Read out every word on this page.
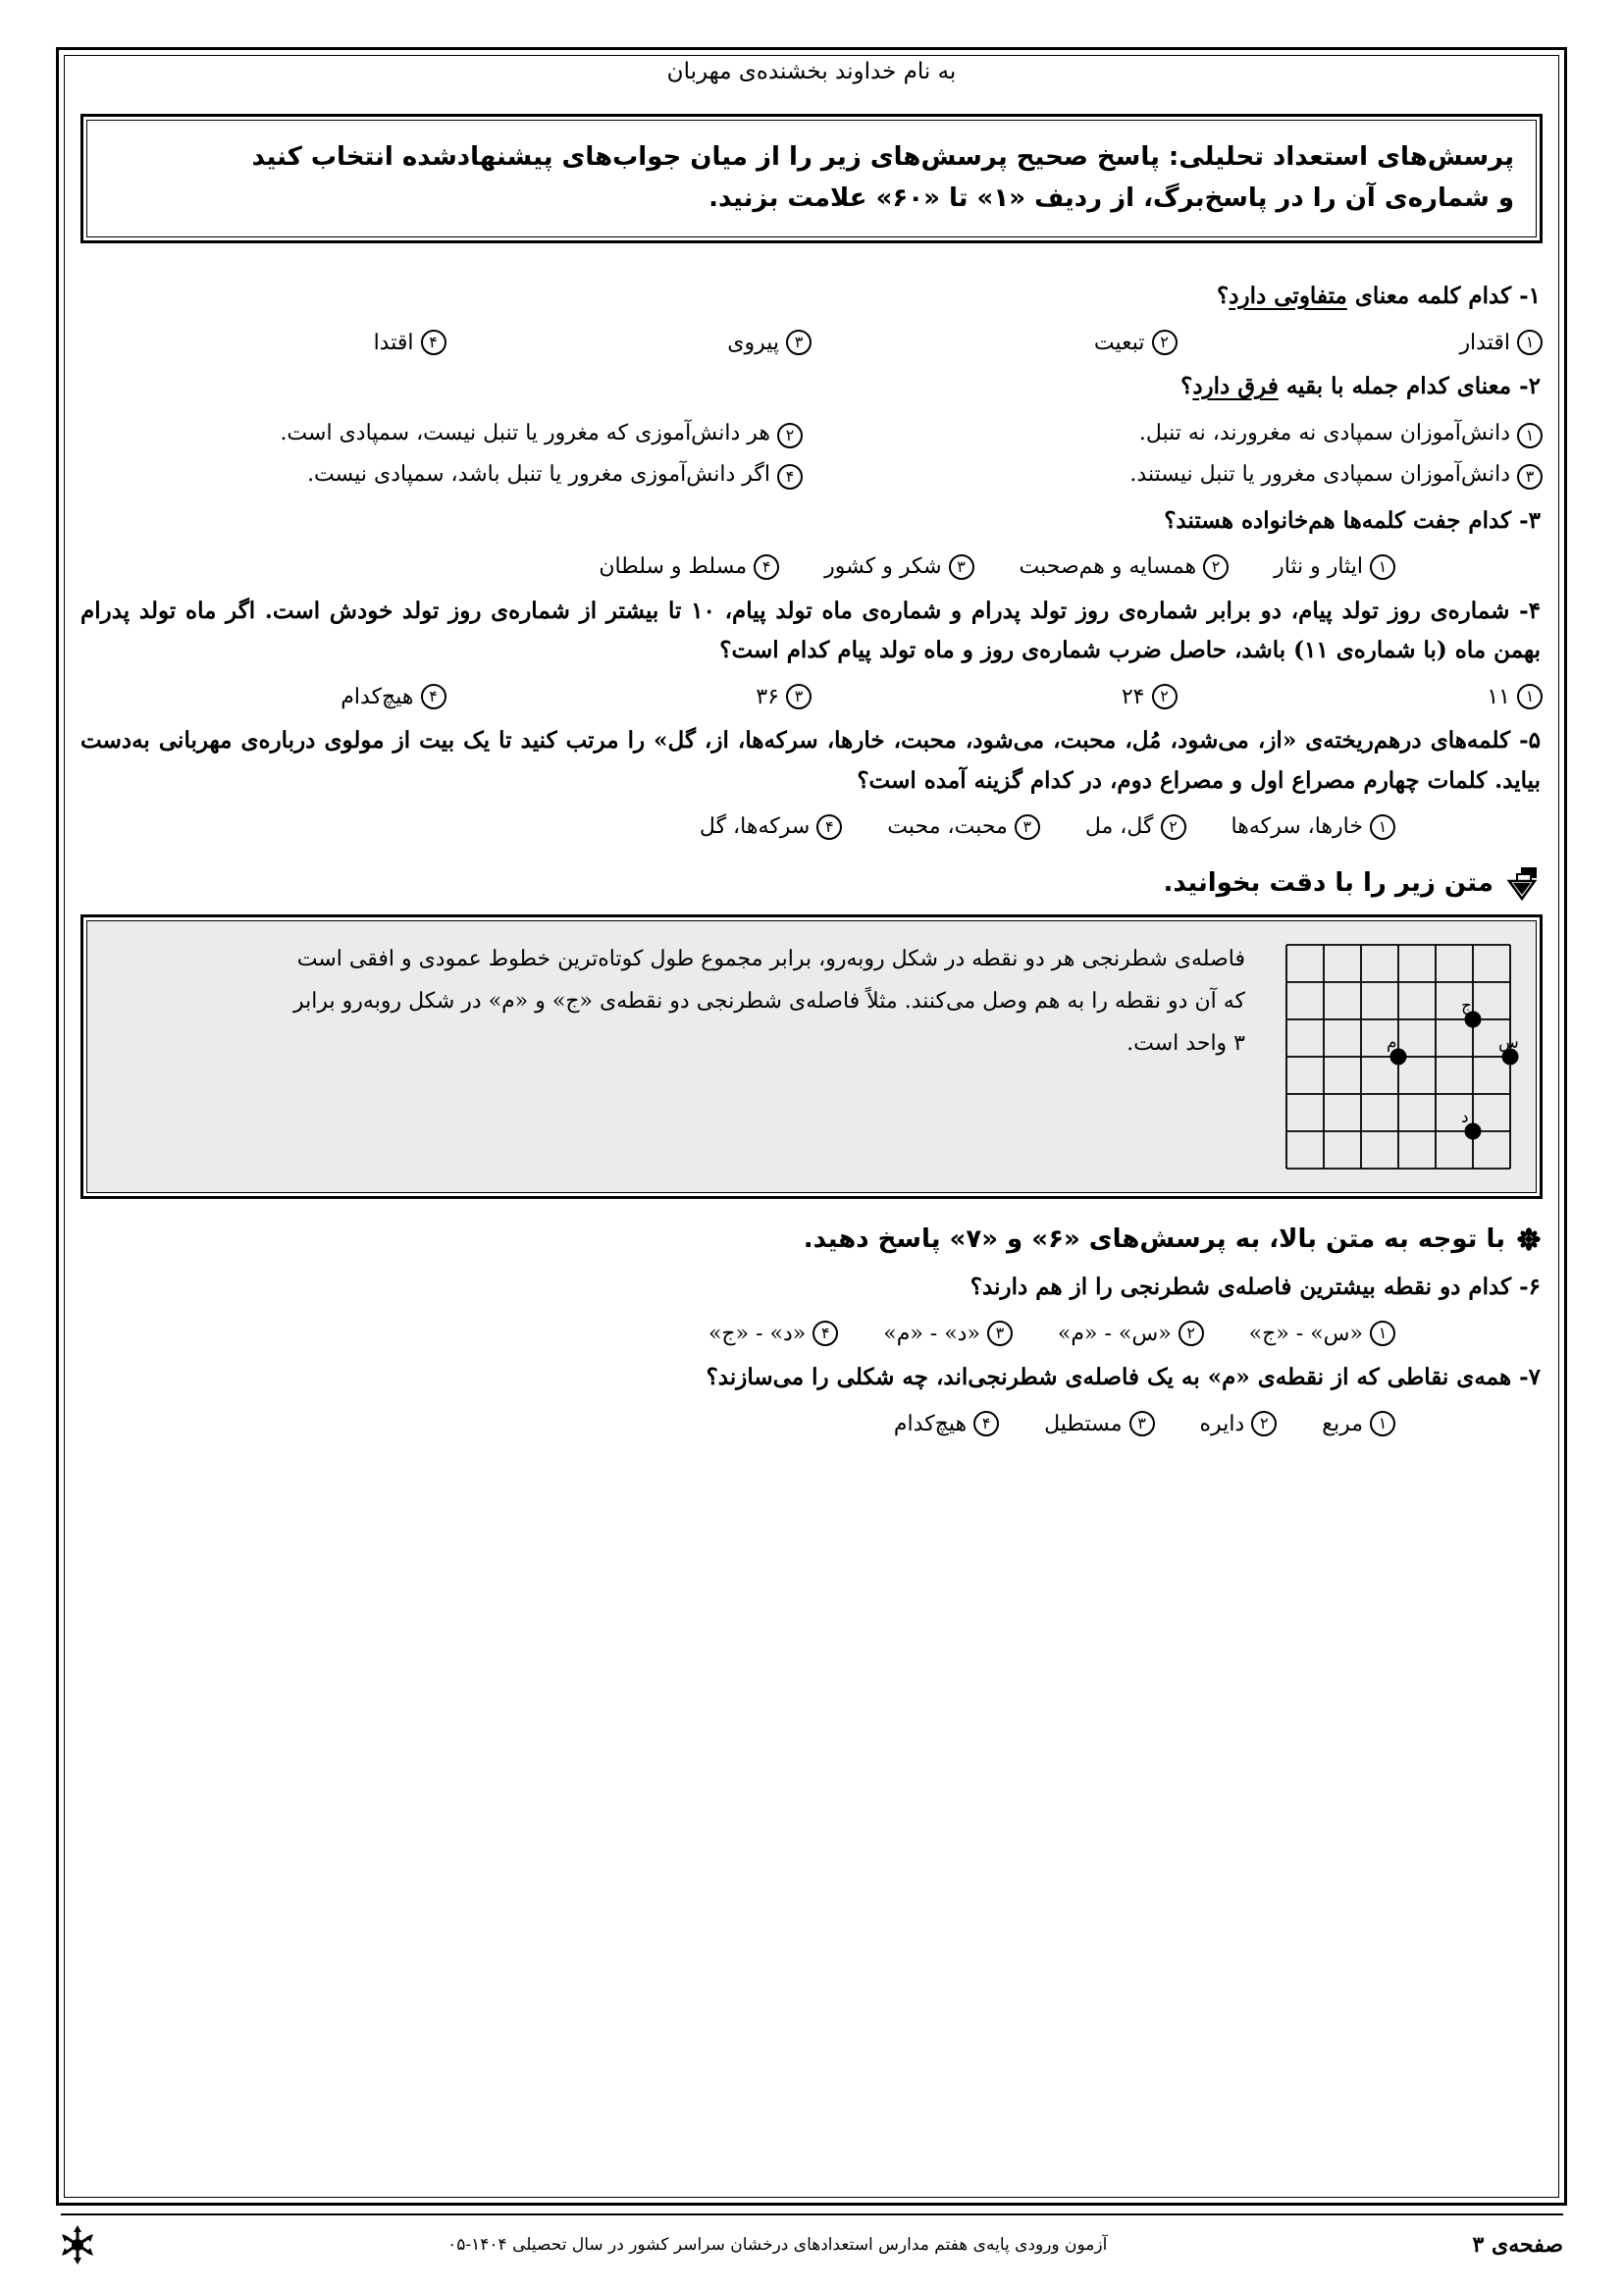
به نام خداوند بخشنده‌ی مهربان
پرسش‌های استعداد تحلیلی: پاسخ صحیح پرسش‌های زیر را از میان جواب‌های پیشنهادشده انتخاب کنید
و شماره‌ی آن را در پاسخ‌برگ، از ردیف «۱» تا «۶۰» علامت بزنید.
۱- کدام کلمه معنای متفاوتی دارد؟
۱
اقتدار
۲
تبعیت
۳
پیروی
۴
اقتدا
۲- معنای کدام جمله با بقیه فرق دارد؟
۱
دانش‌آموزان سمپادی نه مغرورند، نه تنبل.
۲
هر دانش‌آموزی که مغرور یا تنبل نیست، سمپادی است.
۳
دانش‌آموزان سمپادی مغرور یا تنبل نیستند.
۴
اگر دانش‌آموزی مغرور یا تنبل باشد، سمپادی نیست.
۳- کدام جفت کلمه‌ها هم‌خانواده هستند؟
۱
ایثار و نثار
۲
همسایه و هم‌صحبت
۳
شکر و کشور
۴
مسلط و سلطان
۴- شماره‌ی روز تولد پیام، دو برابر شماره‌ی روز تولد پدرام و شماره‌ی ماه تولد پیام، ۱۰ تا بیشتر از شماره‌ی روز تولد خودش است. اگر ماه تولد پدرام بهمن ماه (با شماره‌ی ۱۱) باشد، حاصل ضرب شماره‌ی روز و ماه تولد پیام کدام است؟
۱
۱۱
۲
۲۴
۳
۳۶
۴
هیچ‌کدام
۵- کلمه‌های درهم‌ریخته‌ی «از، می‌شود، مُل، محبت، می‌شود، محبت، خارها، سرکه‌ها، از، گل» را مرتب کنید تا یک بیت از مولوی درباره‌ی مهربانی به‌دست بیاید. کلمات چهارم مصراع اول و مصراع دوم، در کدام گزینه آمده است؟
۱
خارها، سرکه‌ها
۲
گل، مل
۳
محبت، محبت
۴
سرکه‌ها، گل
متن زیر را با دقت بخوانید.
فاصله‌ی شطرنجی هر دو نقطه در شکل روبه‌رو، برابر مجموع طول کوتاه‌ترین خطوط عمودی و افقی است
که آن دو نقطه را به هم وصل می‌کنند. مثلاً فاصله‌ی شطرنجی دو نقطه‌ی «ج» و «م» در شکل روبه‌رو برابر
۳ واحد است.
ج
س
م
د
با توجه به متن بالا، به پرسش‌های «۶» و «۷» پاسخ دهید.
۶- کدام دو نقطه بیشترین فاصله‌ی شطرنجی را از هم دارند؟
۱
«س» - «ج»
۲
«س» - «م»
۳
«د» - «م»
۴
«د» - «ج»
۷- همه‌ی نقاطی که از نقطه‌ی «م» به یک فاصله‌ی شطرنجی‌اند، چه شکلی را می‌سازند؟
۱
مربع
۲
دایره
۳
مستطیل
۴
هیچ‌کدام
آزمون ورودی پایه‌ی هفتم مدارس استعدادهای درخشان سراسر کشور در سال تحصیلی ۱۴۰۴-۰۵	صفحه‌ی ۳
